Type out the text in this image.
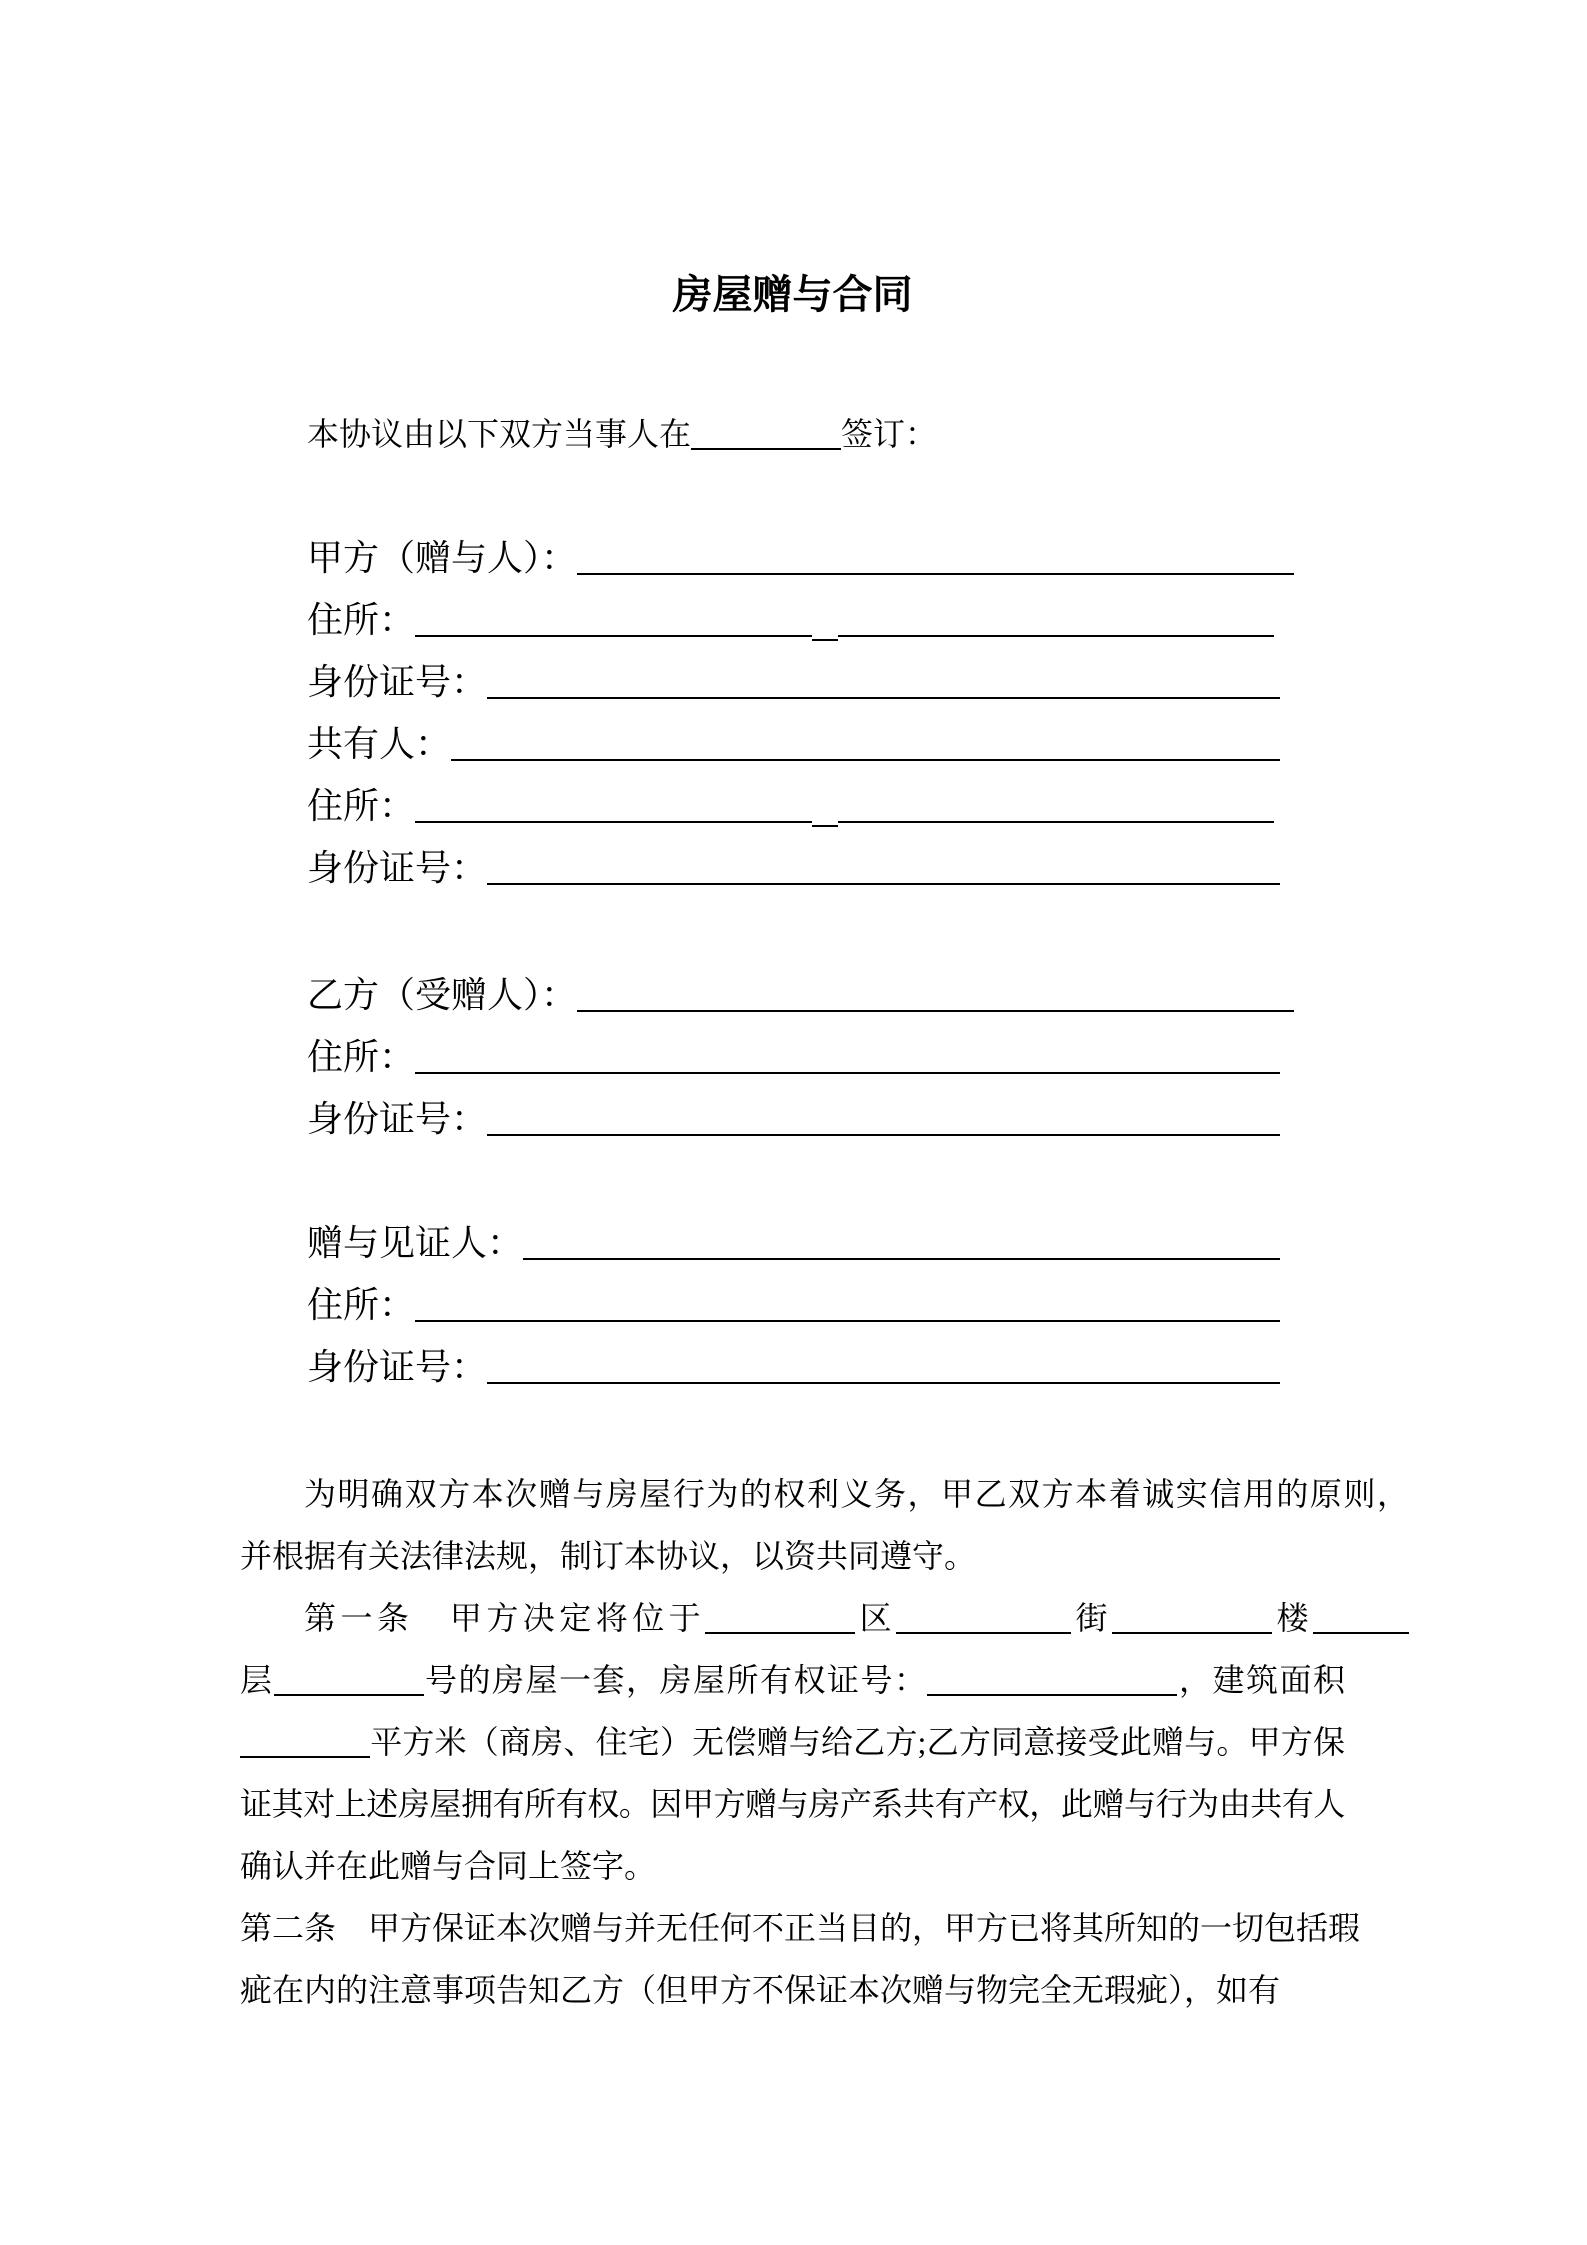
房屋赠与合同
本协议由以下双方当事人在	签订：
甲方（赠与人）：
住所：
身份证号：
共有人：
住所：
身份证号：
乙方（受赠人）：
住所：
身份证号：
赠与见证人：
住所：
身份证号：
为明确双方本次赠与房屋行为的权利义务，甲乙双方本着诚实信用的原则，
并根据有关法律法规，制订本协议，以资共同遵守。
第一条　甲方决定将位于	区	街	楼
层	号的房屋一套，房屋所有权证号：	，建筑面积
平方米（商房、住宅）无偿赠与给乙方;乙方同意接受此赠与。甲方保
证其对上述房屋拥有所有权。因甲方赠与房产系共有产权，此赠与行为由共有人
确认并在此赠与合同上签字。
第二条　甲方保证本次赠与并无任何不正当目的，甲方已将其所知的一切包括瑕
疵在内的注意事项告知乙方（但甲方不保证本次赠与物完全无瑕疵），如有
